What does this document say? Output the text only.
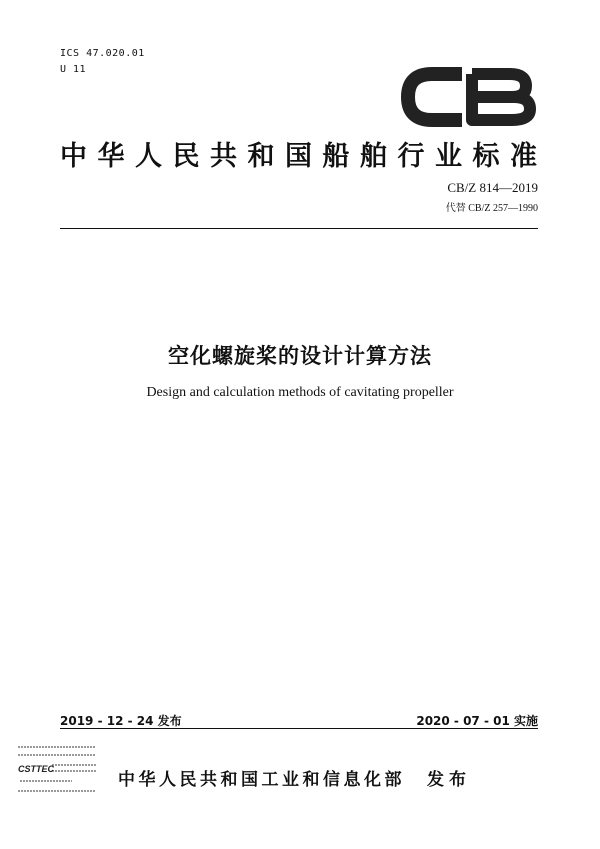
ICS 47.020.01
U 11
中华人民共和国船舶行业标准
CB/Z 814—2019
代替 CB/Z 257—1990
空化螺旋桨的设计计算方法
Design and calculation methods of cavitating propeller
2019 - 12 - 24 发布	2020 - 07 - 01 实施
CSTTEC
中华人民共和国工业和信息化部 发布
